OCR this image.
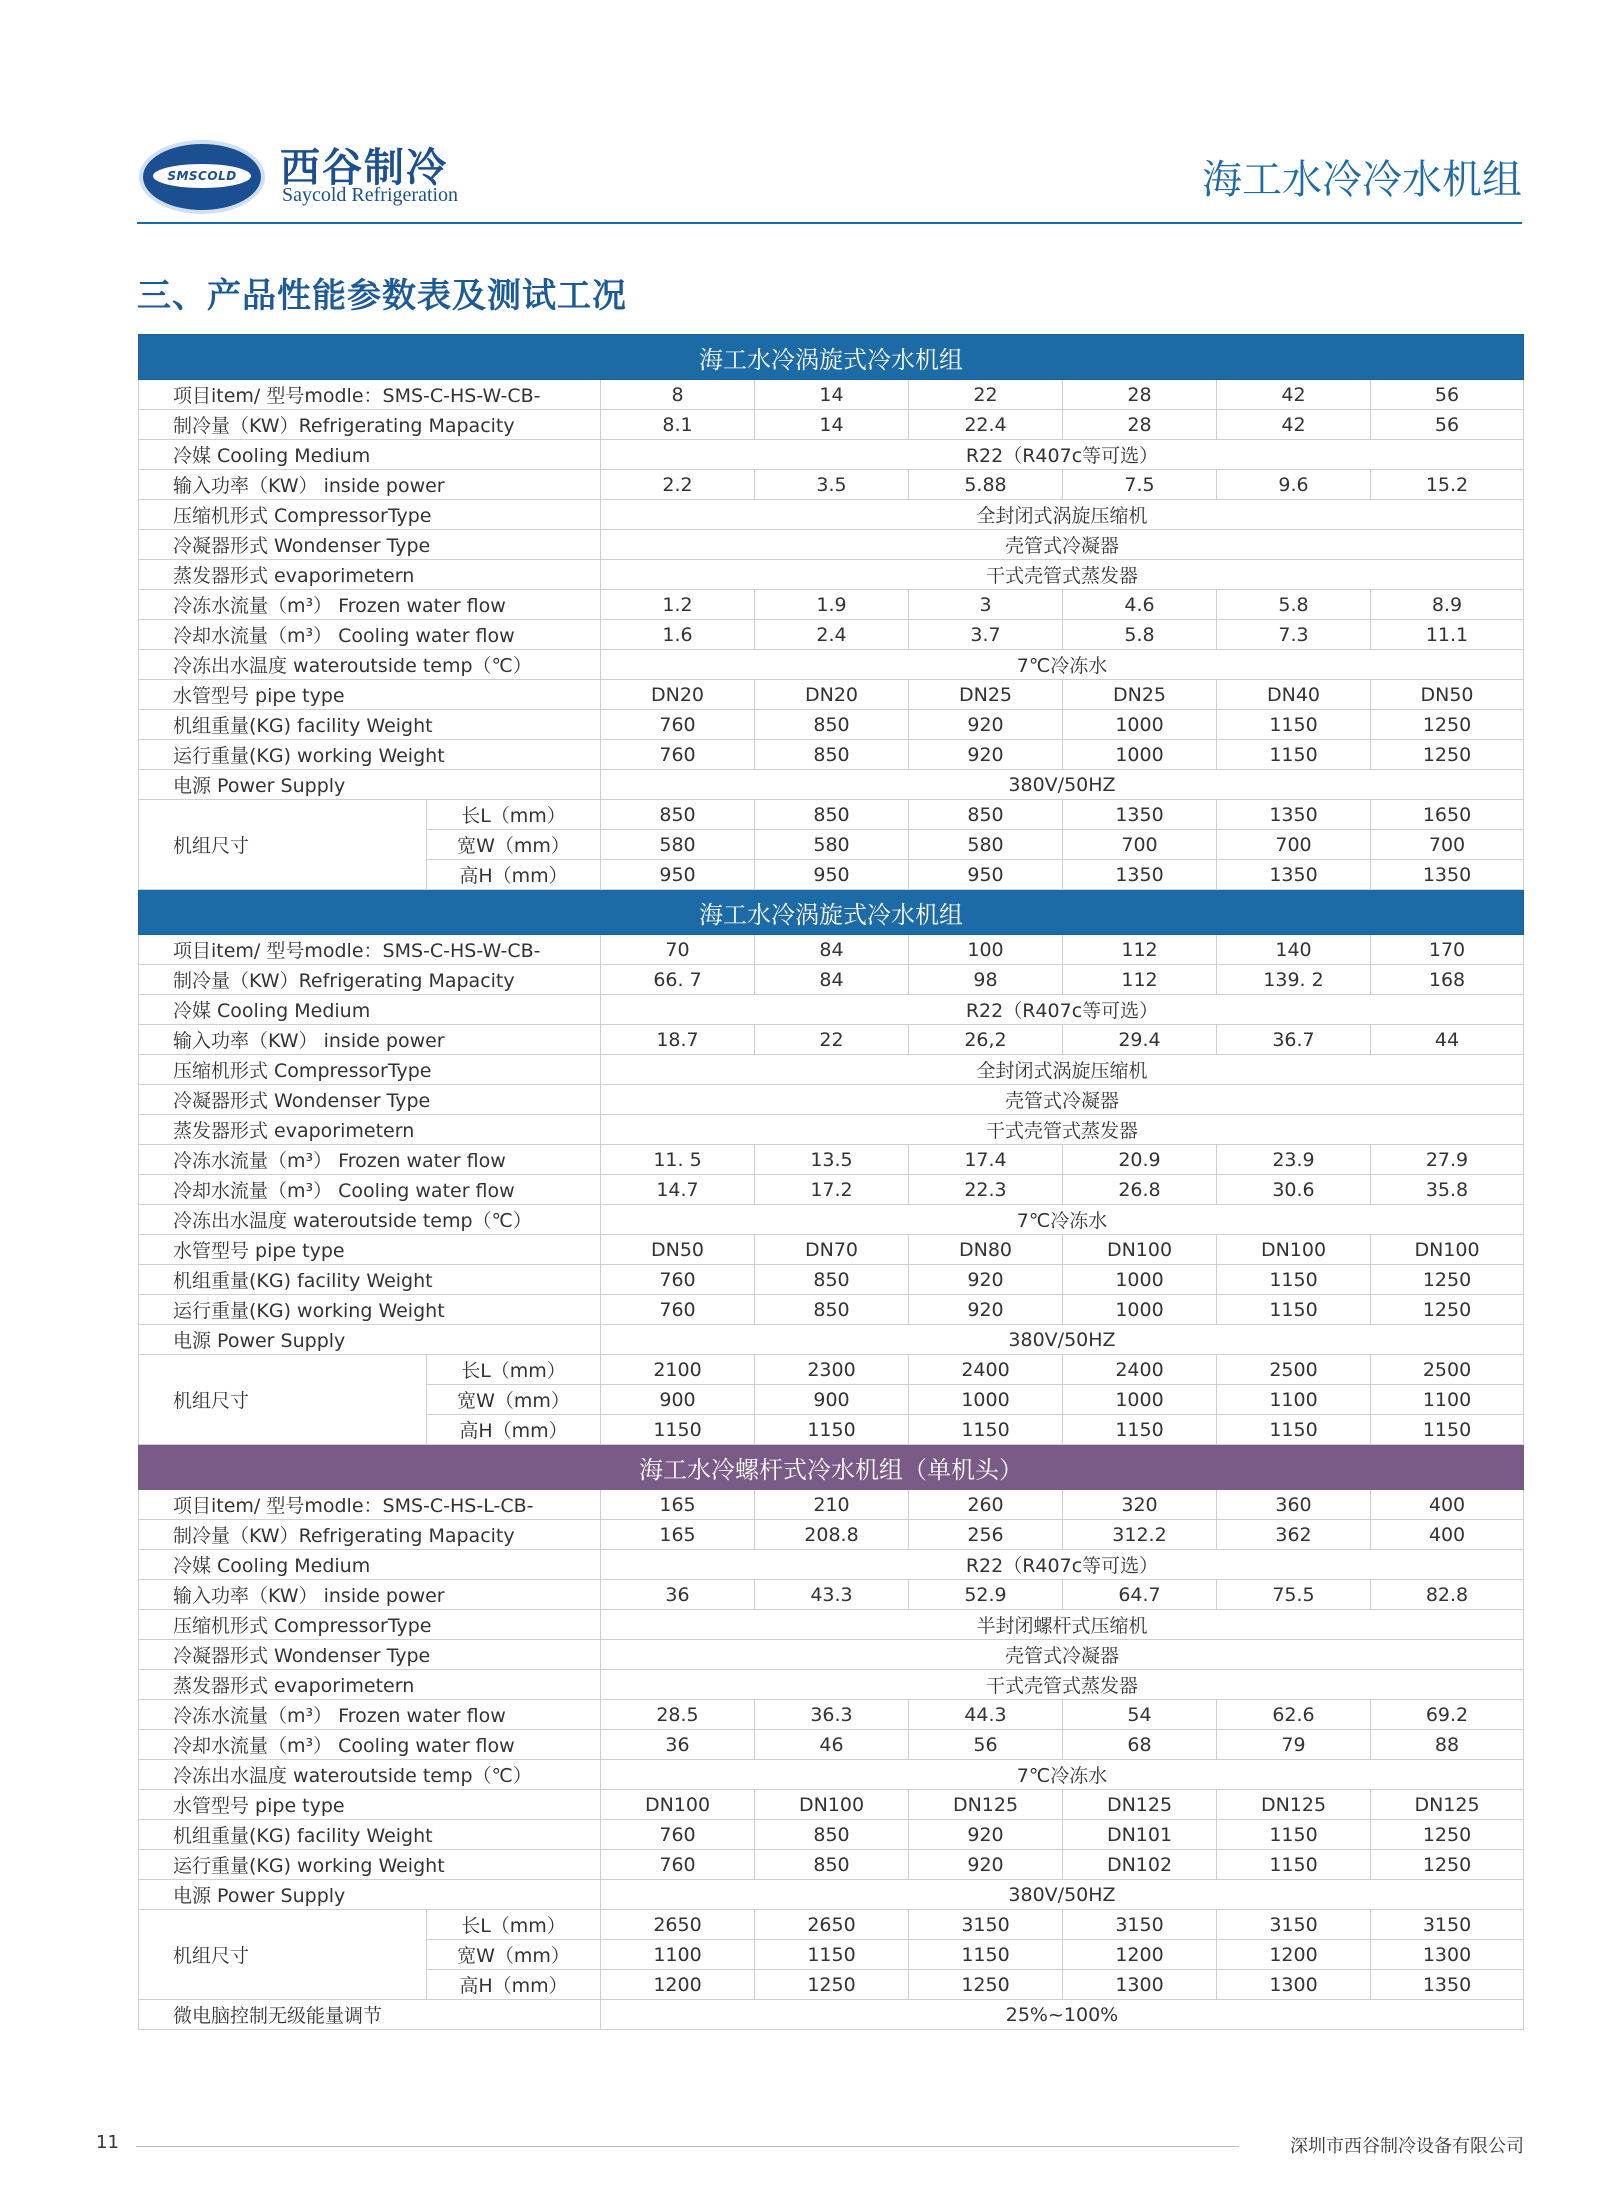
SMSCOLD	西谷制冷
Saycold Refrigeration	海工水冷冷水机组
三、产品性能参数表及测试工况
海工水冷涡旋式冷水机组							
项目item/ 型号modle：SMS-C-HS-W-CB-		8	14	22	28	42	56
制冷量（KW）Refrigerating Mapacity		8.1	14	22.4	28	42	56
冷媒 Cooling Medium		R22（R407c等可选）					
输入功率（KW） inside power		2.2	3.5	5.88	7.5	9.6	15.2
压缩机形式 CompressorType		全封闭式涡旋压缩机					
冷凝器形式 Wondenser Type		壳管式冷凝器					
蒸发器形式 evaporimetern		干式壳管式蒸发器					
冷冻水流量（m³） Frozen water flow		1.2	1.9	3	4.6	5.8	8.9
冷却水流量（m³） Cooling water flow		1.6	2.4	3.7	5.8	7.3	11.1
冷冻出水温度 wateroutside temp（℃）		7℃冷冻水					
水管型号 pipe type		DN20	DN20	DN25	DN25	DN40	DN50
机组重量(KG) facility Weight		760	850	920	1000	1150	1250
运行重量(KG) working Weight		760	850	920	1000	1150	1250
电源 Power Supply		380V/50HZ					
机组尺寸	长L（mm）	850	850	850	1350	1350	1650
	宽W（mm）	580	580	580	700	700	700
	高H（mm）	950	950	950	1350	1350	1350
海工水冷涡旋式冷水机组							
项目item/ 型号modle：SMS-C-HS-W-CB-		70	84	100	112	140	170
制冷量（KW）Refrigerating Mapacity		66. 7	84	98	112	139. 2	168
冷媒 Cooling Medium		R22（R407c等可选）					
输入功率（KW） inside power		18.7	22	26,2	29.4	36.7	44
压缩机形式 CompressorType		全封闭式涡旋压缩机					
冷凝器形式 Wondenser Type		壳管式冷凝器					
蒸发器形式 evaporimetern		干式壳管式蒸发器					
冷冻水流量（m³） Frozen water flow		11. 5	13.5	17.4	20.9	23.9	27.9
冷却水流量（m³） Cooling water flow		14.7	17.2	22.3	26.8	30.6	35.8
冷冻出水温度 wateroutside temp（℃）		7℃冷冻水					
水管型号 pipe type		DN50	DN70	DN80	DN100	DN100	DN100
机组重量(KG) facility Weight		760	850	920	1000	1150	1250
运行重量(KG) working Weight		760	850	920	1000	1150	1250
电源 Power Supply		380V/50HZ					
机组尺寸	长L（mm）	2100	2300	2400	2400	2500	2500
	宽W（mm）	900	900	1000	1000	1100	1100
	高H（mm）	1150	1150	1150	1150	1150	1150
海工水冷螺杆式冷水机组（单机头）							
项目item/ 型号modle：SMS-C-HS-L-CB-		165	210	260	320	360	400
制冷量（KW）Refrigerating Mapacity		165	208.8	256	312.2	362	400
冷媒 Cooling Medium		R22（R407c等可选）					
输入功率（KW） inside power		36	43.3	52.9	64.7	75.5	82.8
压缩机形式 CompressorType		半封闭螺杆式压缩机					
冷凝器形式 Wondenser Type		壳管式冷凝器					
蒸发器形式 evaporimetern		干式壳管式蒸发器					
冷冻水流量（m³） Frozen water flow		28.5	36.3	44.3	54	62.6	69.2
冷却水流量（m³） Cooling water flow		36	46	56	68	79	88
冷冻出水温度 wateroutside temp（℃）		7℃冷冻水					
水管型号 pipe type		DN100	DN100	DN125	DN125	DN125	DN125
机组重量(KG) facility Weight		760	850	920	DN101	1150	1250
运行重量(KG) working Weight		760	850	920	DN102	1150	1250
电源 Power Supply		380V/50HZ					
机组尺寸	长L（mm）	2650	2650	3150	3150	3150	3150
	宽W（mm）	1100	1150	1150	1200	1200	1300
	高H（mm）	1200	1250	1250	1300	1300	1350
微电脑控制无级能量调节		25%~100%					
11	深圳市西谷制冷设备有限公司
